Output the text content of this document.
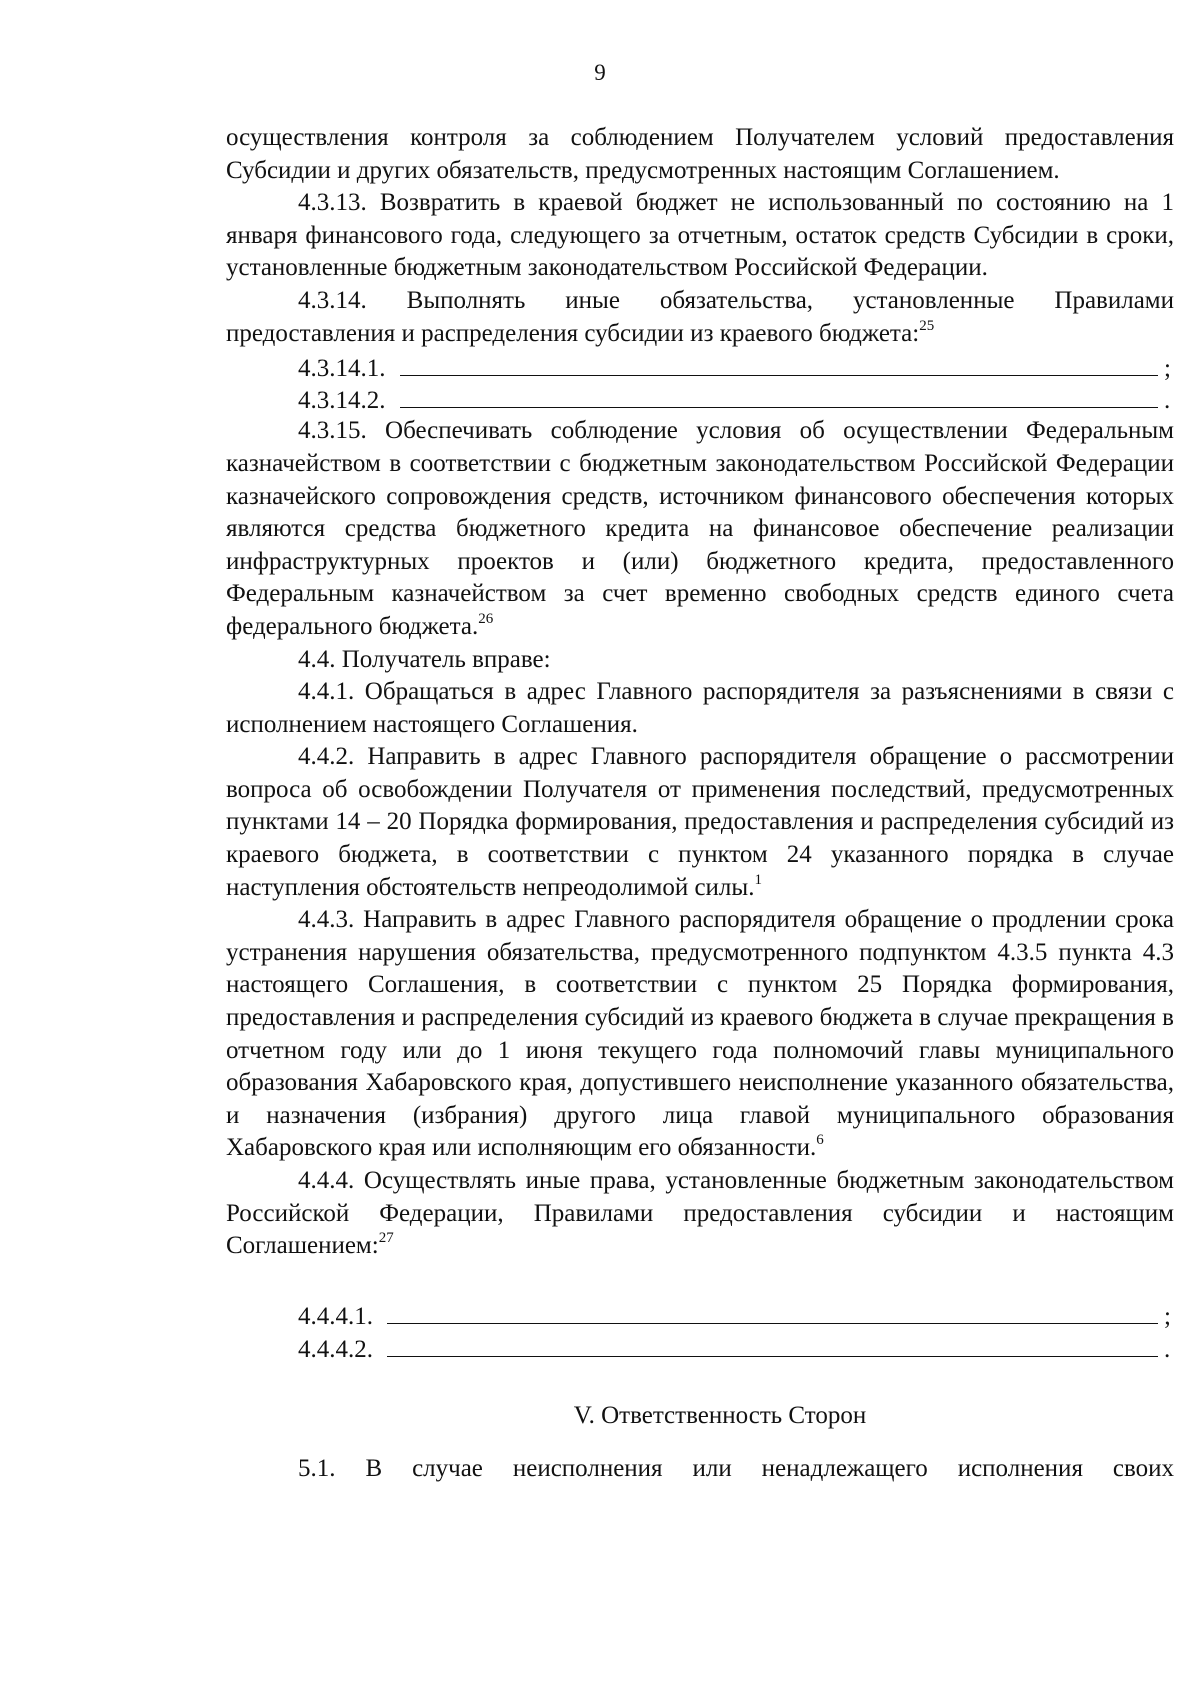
9

осуществления контроля за соблюдением Получателем условий предоставления Субсидии и других обязательств, предусмотренных настоящим Соглашением.

4.3.13. Возвратить в краевой бюджет не использованный по состоянию на 1 января финансового года, следующего за отчетным, остаток средств Субсидии в сроки, установленные бюджетным законодательством Российской Федерации.

4.3.14. Выполнять иные обязательства, установленные Правилами предоставления и распределения субсидии из краевого бюджета:$^{25}$

4.3.14.1.	;
4.3.14.2.	.

4.3.15. Обеспечивать соблюдение условия об осуществлении Федеральным казначейством в соответствии с бюджетным законодательством Российской Федерации казначейского сопровождения средств, источником финансового обеспечения которых являются средства бюджетного кредита на финансовое обеспечение реализации инфраструктурных проектов и (или) бюджетного кредита, предоставленного Федеральным казначейством за счет временно свободных средств единого счета федерального бюджета.$^{26}$

4.4. Получатель вправе:

4.4.1. Обращаться в адрес Главного распорядителя за разъяснениями в связи с исполнением настоящего Соглашения.

4.4.2. Направить в адрес Главного распорядителя обращение о рассмотрении вопроса об освобождении Получателя от применения последствий, предусмотренных пунктами 14 – 20 Порядка формирования, предоставления и распределения субсидий из краевого бюджета, в соответствии с пунктом 24 указанного порядка в случае наступления обстоятельств непреодолимой силы.$^1$

4.4.3. Направить в адрес Главного распорядителя обращение о продлении срока устранения нарушения обязательства, предусмотренного подпунктом 4.3.5 пункта 4.3 настоящего Соглашения, в соответствии с пунктом 25 Порядка формирования, предоставления и распределения субсидий из краевого бюджета в случае прекращения в отчетном году или до 1 июня текущего года полномочий главы муниципального образования Хабаровского края, допустившего неисполнение указанного обязательства, и назначения (избрания) другого лица главой муниципального образования Хабаровского края или исполняющим его обязанности.$^6$

4.4.4. Осуществлять иные права, установленные бюджетным законодательством Российской Федерации, Правилами предоставления субсидии и настоящим Соглашением:$^{27}$

4.4.4.1.	;
4.4.4.2.	.

V. Ответственность Сторон

5.1. В случае неисполнения или ненадлежащего исполнения своих
